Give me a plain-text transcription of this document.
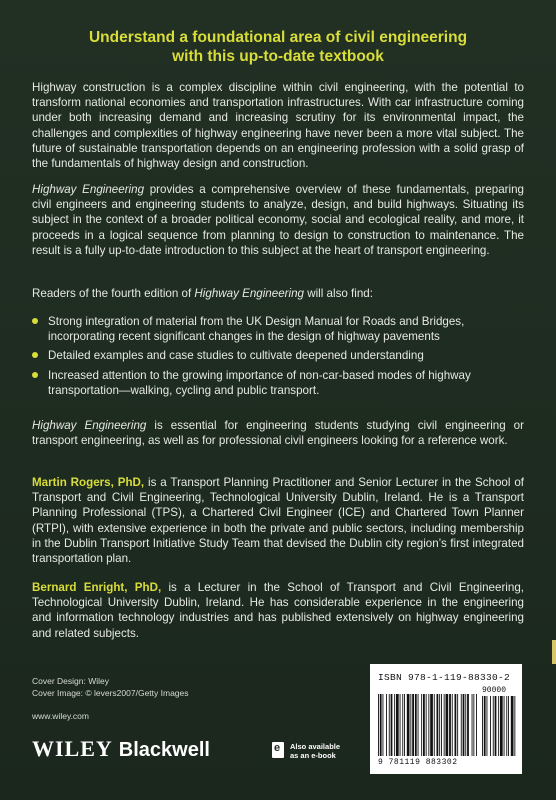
Understand a foundational area of civil engineering
with this up-to-date textbook
Highway construction is a complex discipline within civil engineering, with the potential to transform national economies and transportation infrastructures. With car infrastructure coming under both increasing demand and increasing scrutiny for its environmental impact, the challenges and complexities of highway engineering have never been a more vital subject. The future of sustainable transportation depends on an engineering profession with a solid grasp of the fundamentals of highway design and construction.
Highway Engineering provides a comprehensive overview of these fundamentals, preparing civil engineers and engineering students to analyze, design, and build highways. Situating its subject in the context of a broader political economy, social and ecological reality, and more, it proceeds in a logical sequence from planning to design to construction to maintenance. The result is a fully up-to-date introduction to this subject at the heart of transport engineering.
Readers of the fourth edition of Highway Engineering will also find:
Strong integration of material from the UK Design Manual for Roads and Bridges, incorporating recent significant changes in the design of highway pavements
Detailed examples and case studies to cultivate deepened understanding
Increased attention to the growing importance of non-car-based modes of highway transportation—walking, cycling and public transport.
Highway Engineering is essential for engineering students studying civil engineering or transport engineering, as well as for professional civil engineers looking for a reference work.
Martin Rogers, PhD, is a Transport Planning Practitioner and Senior Lecturer in the School of Transport and Civil Engineering, Technological University Dublin, Ireland. He is a Transport Planning Professional (TPS), a Chartered Civil Engineer (ICE) and Chartered Town Planner (RTPI), with extensive experience in both the private and public sectors, including membership in the Dublin Transport Initiative Study Team that devised the Dublin city region’s first integrated transportation plan.
Bernard Enright, PhD, is a Lecturer in the School of Transport and Civil Engineering, Technological University Dublin, Ireland. He has considerable experience in the engineering and information technology industries and has published extensively on highway engineering and related subjects.
Cover Design: Wiley
Cover Image: © levers2007/Getty Images
www.wiley.com
WILEY Blackwell
e	Also available
as an e-book
ISBN 978-1-119-88330-2
90000
9 781119 883302
